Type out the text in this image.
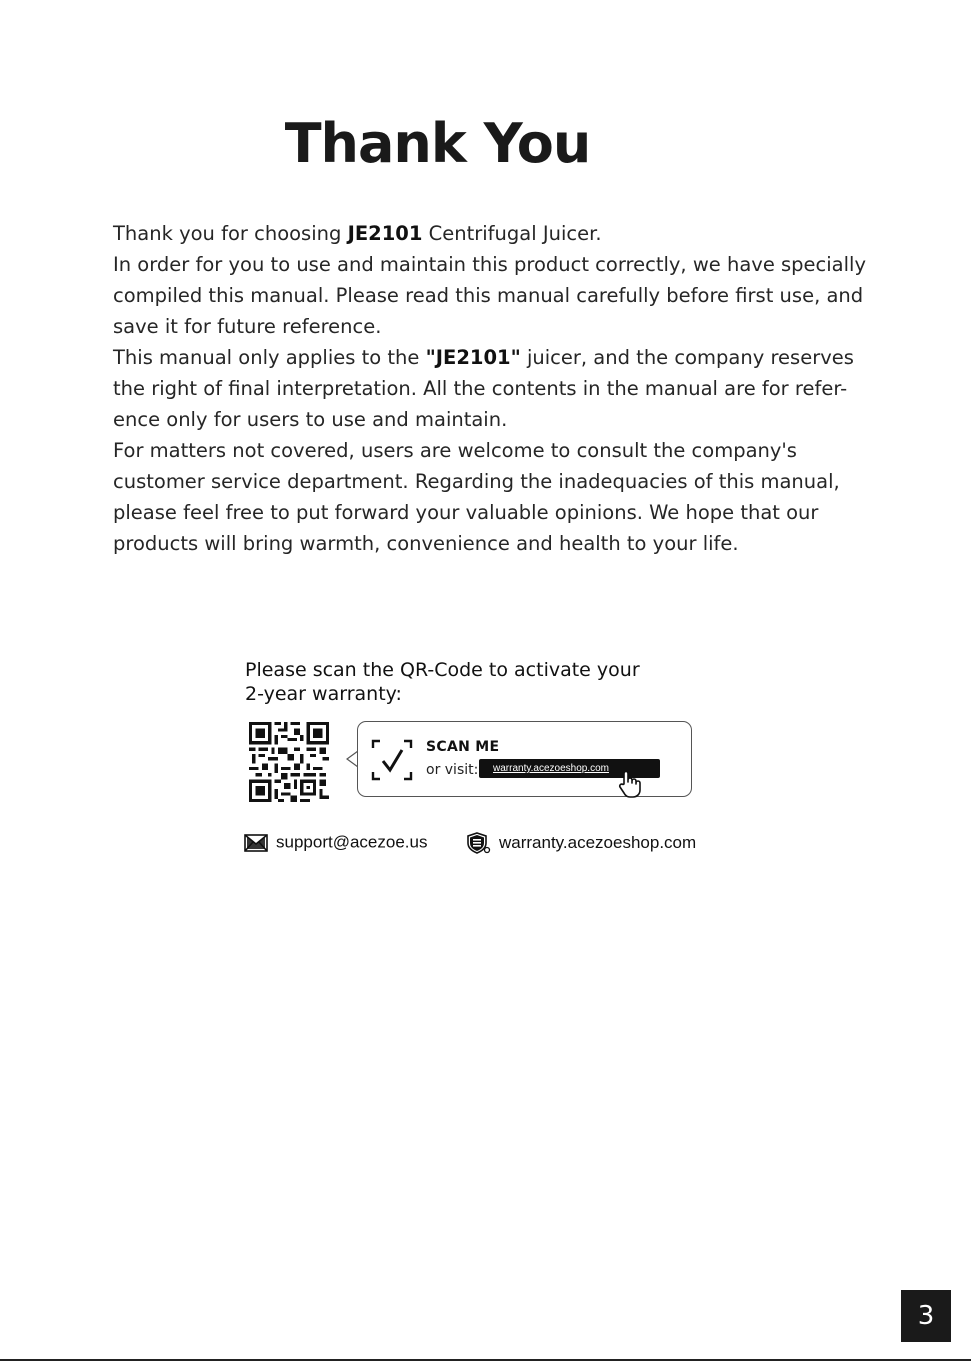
Thank You

Thank you for choosing JE2101 Centrifugal Juicer.

In order for you to use and maintain this product correctly, we have specially compiled this manual. Please read this manual carefully before first use, and save it for future reference.

This manual only applies to the "JE2101" juicer, and the company reserves the right of final interpretation. All the contents in the manual are for refer-ence only for users to use and maintain.

For matters not covered, users are welcome to consult the company's customer service department. Regarding the inadequacies of this manual, please feel free to put forward your valuable opinions. We hope that our products will bring warmth, convenience and health to your life.

Please scan the QR-Code to activate your
2-year warranty:
SCAN ME
or visit: warranty.acezoeshop.com
support@acezoe.us	warranty.acezoeshop.com
3
